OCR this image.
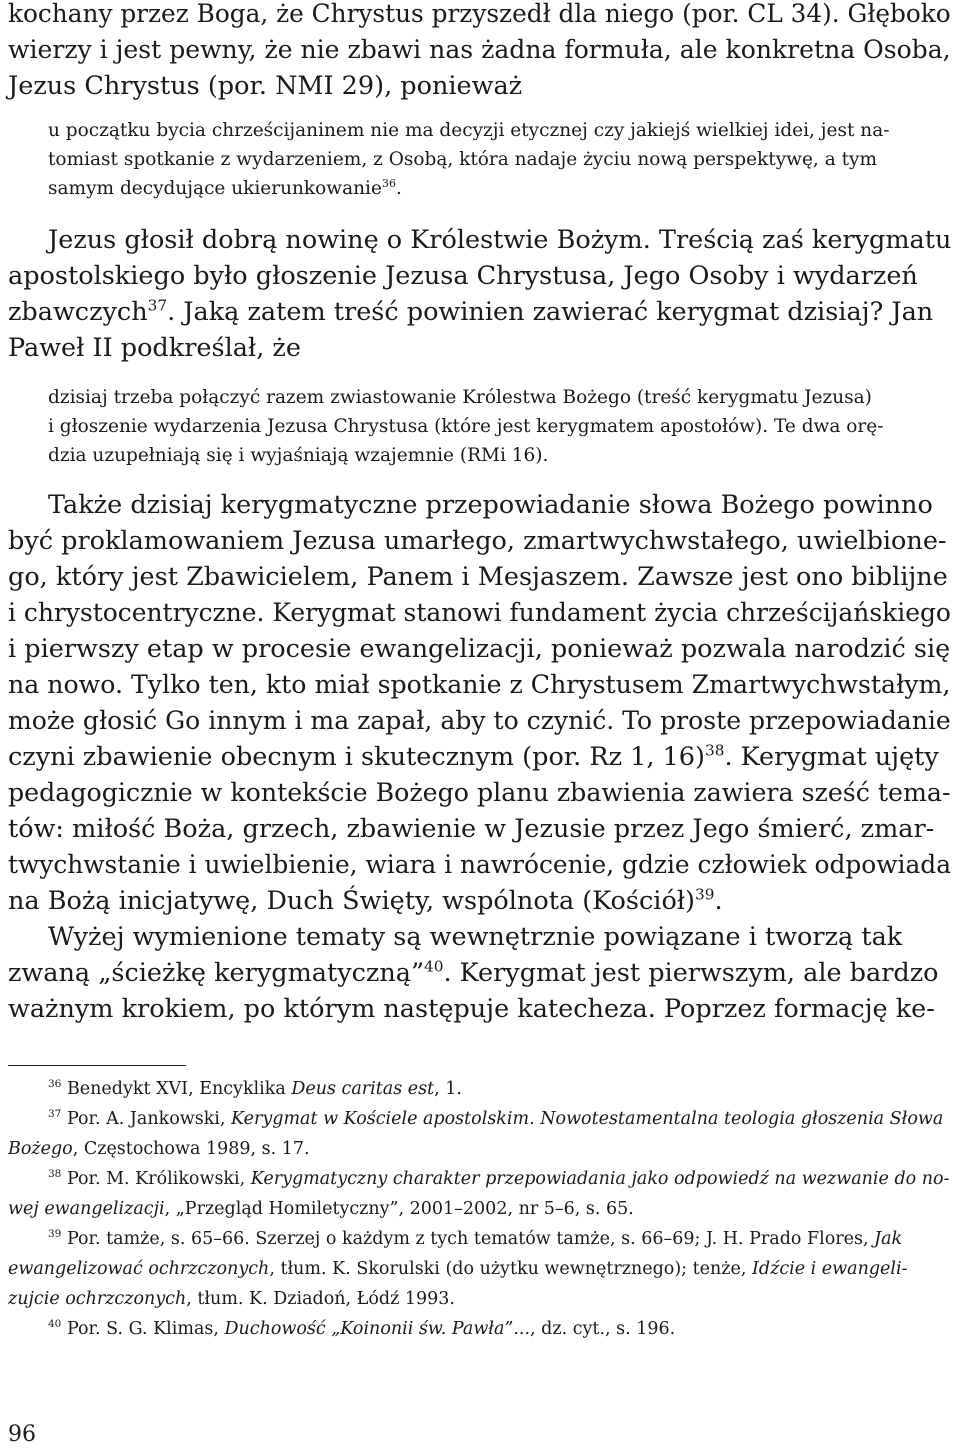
kochany przez Boga, że Chrystus przyszedł dla niego (por. CL 34). Głęboko
wierzy i jest pewny, że nie zbawi nas żadna formuła, ale konkretna Osoba,
Jezus Chrystus (por. NMI 29), ponieważ

u początku bycia chrześcijaninem nie ma decyzji etycznej czy jakiejś wielkiej idei, jest na-
tomiast spotkanie z wydarzeniem, z Osobą, która nadaje życiu nową perspektywę, a tym
samym decydujące ukierunkowanie$^{36}$.

Jezus głosił dobrą nowinę o Królestwie Bożym. Treścią zaś kerygmatu
apostolskiego było głoszenie Jezusa Chrystusa, Jego Osoby i wydarzeń
zbawczych$^{37}$. Jaką zatem treść powinien zawierać kerygmat dzisiaj? Jan
Paweł II podkreślał, że

dzisiaj trzeba połączyć razem zwiastowanie Królestwa Bożego (treść kerygmatu Jezusa)
i głoszenie wydarzenia Jezusa Chrystusa (które jest kerygmatem apostołów). Te dwa orę-
dzia uzupełniają się i wyjaśniają wzajemnie (RMi 16).

Także dzisiaj kerygmatyczne przepowiadanie słowa Bożego powinno
być proklamowaniem Jezusa umarłego, zmartwychwstałego, uwielbione-
go, który jest Zbawicielem, Panem i Mesjaszem. Zawsze jest ono biblijne
i chrystocentryczne. Kerygmat stanowi fundament życia chrześcijańskiego
i pierwszy etap w procesie ewangelizacji, ponieważ pozwala narodzić się
na nowo. Tylko ten, kto miał spotkanie z Chrystusem Zmartwychwstałym,
może głosić Go innym i ma zapał, aby to czynić. To proste przepowiadanie
czyni zbawienie obecnym i skutecznym (por. Rz 1, 16)$^{38}$. Kerygmat ujęty
pedagogicznie w kontekście Bożego planu zbawienia zawiera sześć tema-
tów: miłość Boża, grzech, zbawienie w Jezusie przez Jego śmierć, zmar-
twychwstanie i uwielbienie, wiara i nawrócenie, gdzie człowiek odpowiada
na Bożą inicjatywę, Duch Święty, wspólnota (Kościół)$^{39}$.

Wyżej wymienione tematy są wewnętrznie powiązane i tworzą tak
zwaną „ścieżkę kerygmatyczną”$^{40}$. Kerygmat jest pierwszym, ale bardzo
ważnym krokiem, po którym następuje katecheza. Poprzez formację ke-

$^{36}$ Benedykt XVI, Encyklika Deus caritas est, 1.
$^{37}$ Por. A. Jankowski, Kerygmat w Kościele apostolskim. Nowotestamentalna teologia głoszenia Słowa
Bożego, Częstochowa 1989, s. 17.
$^{38}$ Por. M. Królikowski, Kerygmatyczny charakter przepowiadania jako odpowiedź na wezwanie do no-
wej ewangelizacji, „Przegląd Homiletyczny”, 2001–2002, nr 5–6, s. 65.
$^{39}$ Por. tamże, s. 65–66. Szerzej o każdym z tych tematów tamże, s. 66–69; J. H. Prado Flores, Jak
ewangelizować ochrzczonych, tłum. K. Skorulski (do użytku wewnętrznego); tenże, Idźcie i ewangeli-
zujcie ochrzczonych, tłum. K. Dziadoń, Łódź 1993.
$^{40}$ Por. S. G. Klimas, Duchowość „Koinonii św. Pawła”..., dz. cyt., s. 196.
96
